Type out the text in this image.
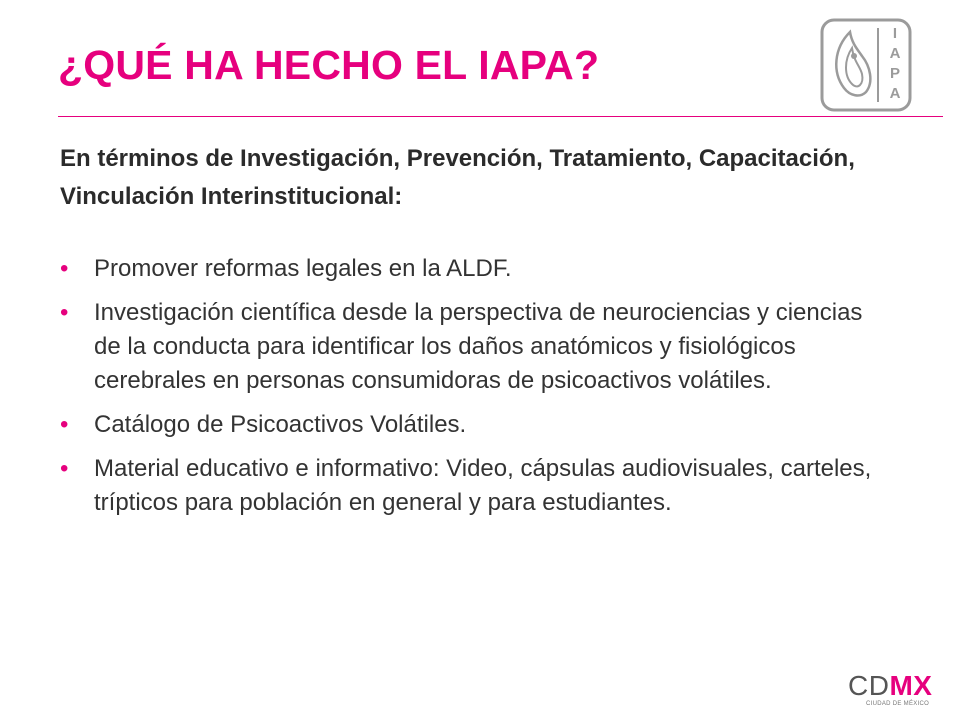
¿QUÉ HA HECHO EL IAPA?
I
A
P
A

En términos de Investigación, Prevención, Tratamiento, Capacitación, Vinculación Interinstitucional:

• Promover reformas legales en la ALDF.
• Investigación científica desde la perspectiva de neurociencias y ciencias de la conducta para identificar los daños anatómicos y fisiológicos cerebrales en personas consumidoras de psicoactivos volátiles.
• Catálogo de Psicoactivos Volátiles.
• Material educativo e informativo: Video, cápsulas audiovisuales, carteles, trípticos para población en general y para estudiantes.
CDMX
CIUDAD DE MÉXICO
